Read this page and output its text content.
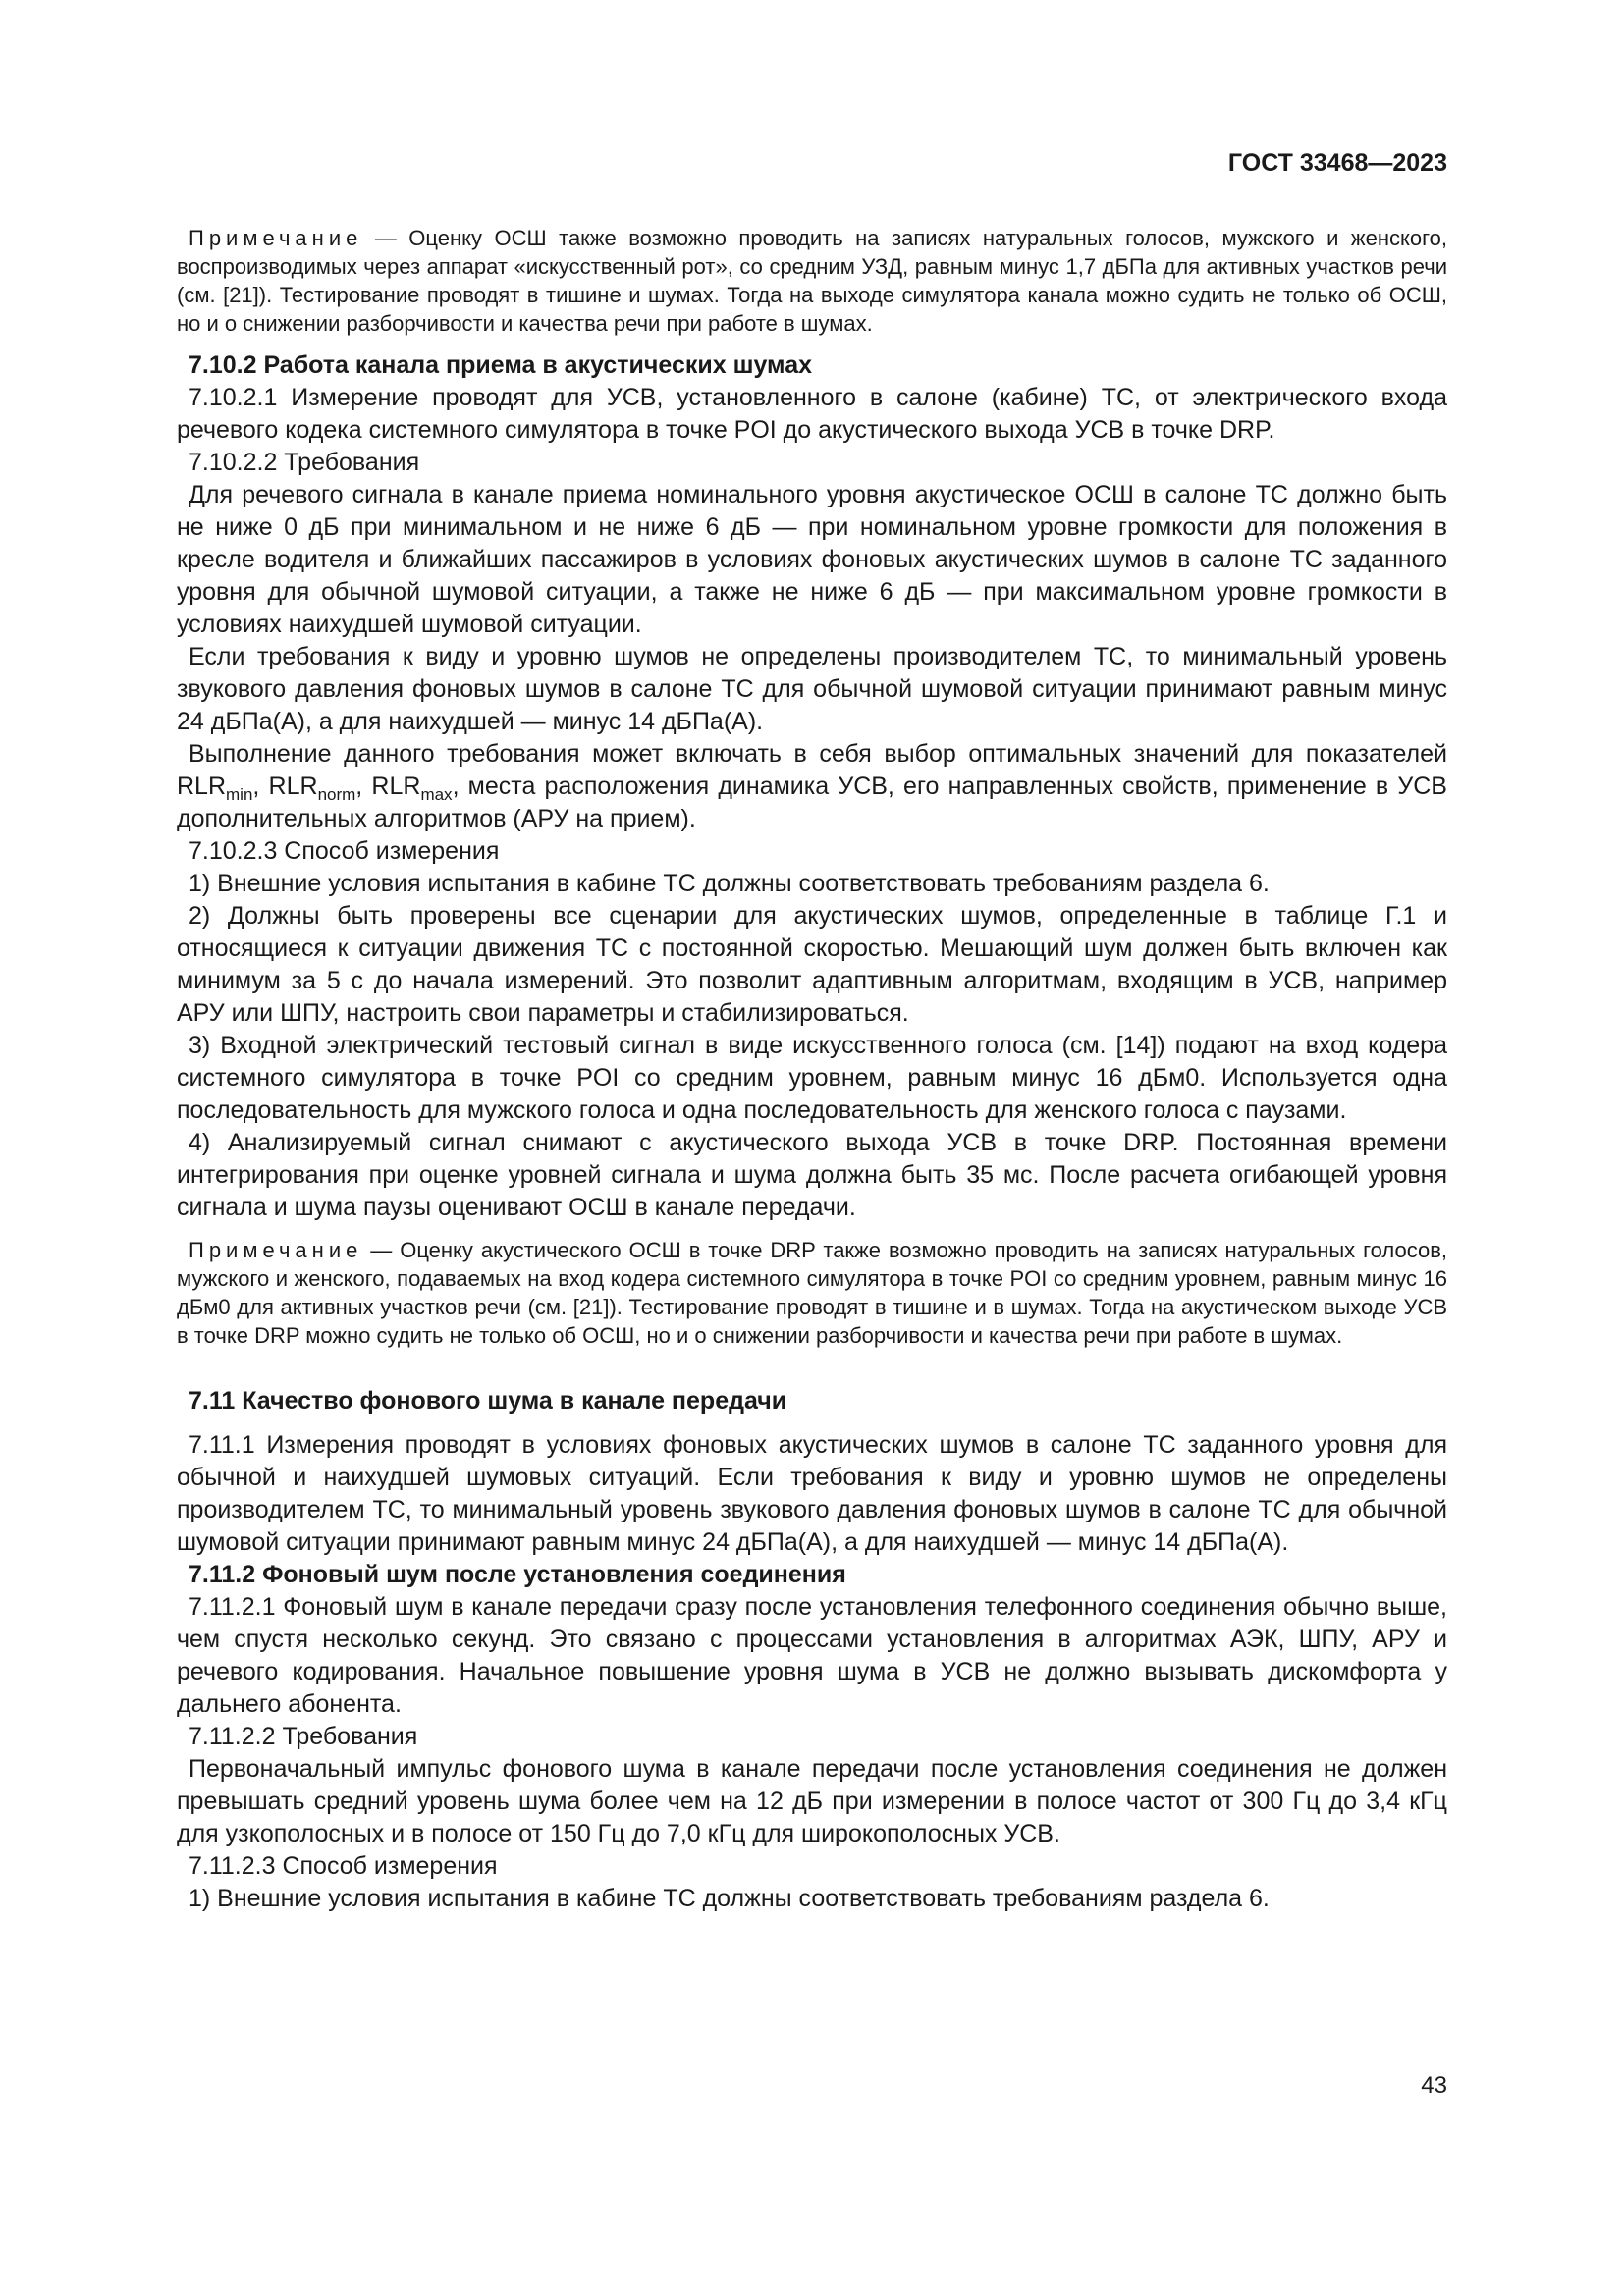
ГОСТ 33468—2023

Примечание — Оценку ОСШ также возможно проводить на записях натуральных голосов, мужского и женского, воспроизводимых через аппарат «искусственный рот», со средним УЗД, равным минус 1,7 дБПа для активных участков речи (см. [21]). Тестирование проводят в тишине и шумах. Тогда на выходе симулятора канала можно судить не только об ОСШ, но и о снижении разборчивости и качества речи при работе в шумах.

7.10.2 Работа канала приема в акустических шумах

7.10.2.1 Измерение проводят для УСВ, установленного в салоне (кабине) ТС, от электрического входа речевого кодека системного симулятора в точке POI до акустического выхода УСВ в точке DRP.

7.10.2.2 Требования

Для речевого сигнала в канале приема номинального уровня акустическое ОСШ в салоне ТС должно быть не ниже 0 дБ при минимальном и не ниже 6 дБ — при номинальном уровне громкости для положения в кресле водителя и ближайших пассажиров в условиях фоновых акустических шумов в салоне ТС заданного уровня для обычной шумовой ситуации, а также не ниже 6 дБ — при максимальном уровне громкости в условиях наихудшей шумовой ситуации.

Если требования к виду и уровню шумов не определены производителем ТС, то минимальный уровень звукового давления фоновых шумов в салоне ТС для обычной шумовой ситуации принимают равным минус 24 дБПа(А), а для наихудшей — минус 14 дБПа(А).

Выполнение данного требования может включать в себя выбор оптимальных значений для показателей $RLR_{min}$, $RLR_{norm}$, $RLR_{max}$, места расположения динамика УСВ, его направленных свойств, применение в УСВ дополнительных алгоритмов (АРУ на прием).

7.10.2.3 Способ измерения

1) Внешние условия испытания в кабине ТС должны соответствовать требованиям раздела 6.

2) Должны быть проверены все сценарии для акустических шумов, определенные в таблице Г.1 и относящиеся к ситуации движения ТС с постоянной скоростью. Мешающий шум должен быть включен как минимум за 5 с до начала измерений. Это позволит адаптивным алгоритмам, входящим в УСВ, например АРУ или ШПУ, настроить свои параметры и стабилизироваться.

3) Входной электрический тестовый сигнал в виде искусственного голоса (см. [14]) подают на вход кодера системного симулятора в точке POI со средним уровнем, равным минус 16 дБм0. Используется одна последовательность для мужского голоса и одна последовательность для женского голоса с паузами.

4) Анализируемый сигнал снимают с акустического выхода УСВ в точке DRP. Постоянная времени интегрирования при оценке уровней сигнала и шума должна быть 35 мс. После расчета огибающей уровня сигнала и шума паузы оценивают ОСШ в канале передачи.

Примечание — Оценку акустического ОСШ в точке DRP также возможно проводить на записях натуральных голосов, мужского и женского, подаваемых на вход кодера системного симулятора в точке POI со средним уровнем, равным минус 16 дБм0 для активных участков речи (см. [21]). Тестирование проводят в тишине и в шумах. Тогда на акустическом выходе УСВ в точке DRP можно судить не только об ОСШ, но и о снижении разборчивости и качества речи при работе в шумах.

7.11 Качество фонового шума в канале передачи

7.11.1 Измерения проводят в условиях фоновых акустических шумов в салоне ТС заданного уровня для обычной и наихудшей шумовых ситуаций. Если требования к виду и уровню шумов не определены производителем ТС, то минимальный уровень звукового давления фоновых шумов в салоне ТС для обычной шумовой ситуации принимают равным минус 24 дБПа(А), а для наихудшей — минус 14 дБПа(А).

7.11.2 Фоновый шум после установления соединения

7.11.2.1 Фоновый шум в канале передачи сразу после установления телефонного соединения обычно выше, чем спустя несколько секунд. Это связано с процессами установления в алгоритмах АЭК, ШПУ, АРУ и речевого кодирования. Начальное повышение уровня шума в УСВ не должно вызывать дискомфорта у дальнего абонента.

7.11.2.2 Требования

Первоначальный импульс фонового шума в канале передачи после установления соединения не должен превышать средний уровень шума более чем на 12 дБ при измерении в полосе частот от 300 Гц до 3,4 кГц для узкополосных и в полосе от 150 Гц до 7,0 кГц для широкополосных УСВ.

7.11.2.3 Способ измерения

1) Внешние условия испытания в кабине ТС должны соответствовать требованиям раздела 6.

43
